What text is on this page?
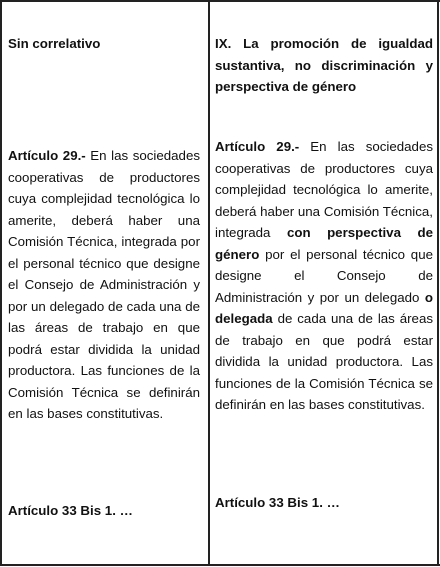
Sin correlativo
Artículo 29.- En las sociedades cooperativas de productores cuya complejidad tecnológica lo amerite, deberá haber una Comisión Técnica, integrada por el personal técnico que designe el Consejo de Administración y por un delegado de cada una de las áreas de trabajo en que podrá estar dividida la unidad productora. Las funciones de la Comisión Técnica se definirán en las bases constitutivas.
Artículo 33 Bis 1. …
IX. La promoción de igualdad sustantiva, no discriminación y perspectiva de género
Artículo 29.- En las sociedades cooperativas de productores cuya complejidad tecnológica lo amerite, deberá haber una Comisión Técnica, integrada con perspectiva de género por el personal técnico que designe el Consejo de Administración y por un delegado o delegada de cada una de las áreas de trabajo en que podrá estar dividida la unidad productora. Las funciones de la Comisión Técnica se definirán en las bases constitutivas.
Artículo 33 Bis 1. …
